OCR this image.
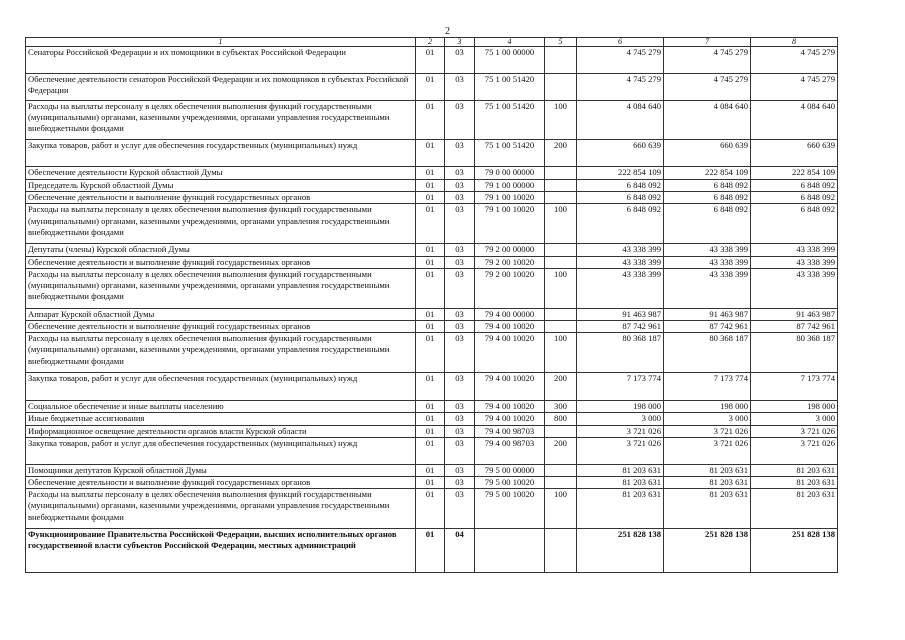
2
1	2	3	4	5	6	7	8
Сенаторы Российской Федерации и их помощники в субъектах Российской Федерации	01	03	75 1 00 00000		4 745 279	4 745 279	4 745 279
Обеспечение деятельности сенаторов Российской Федерации и их помощников в субъектах Российской Федерации	01	03	75 1 00 51420		4 745 279	4 745 279	4 745 279
Расходы на выплаты персоналу в целях обеспечения выполнения функций государственными (муниципальными) органами, казенными учреждениями, органами управления государственными внебюджетными фондами	01	03	75 1 00 51420	100	4 084 640	4 084 640	4 084 640
Закупка товаров, работ и услуг для обеспечения государственных (муниципальных) нужд	01	03	75 1 00 51420	200	660 639	660 639	660 639
Обеспечение деятельности Курской областной Думы	01	03	79 0 00 00000		222 854 109	222 854 109	222 854 109
Председатель Курской областной Думы	01	03	79 1 00 00000		6 848 092	6 848 092	6 848 092
Обеспечение деятельности и выполнение функций государственных органов	01	03	79 1 00 10020		6 848 092	6 848 092	6 848 092
Расходы на выплаты персоналу в целях обеспечения выполнения функций государственными (муниципальными) органами, казенными учреждениями, органами управления государственными внебюджетными фондами	01	03	79 1 00 10020	100	6 848 092	6 848 092	6 848 092
Депутаты (члены) Курской областной Думы	01	03	79 2 00 00000		43 338 399	43 338 399	43 338 399
Обеспечение деятельности и выполнение функций государственных органов	01	03	79 2 00 10020		43 338 399	43 338 399	43 338 399
Расходы на выплаты персоналу в целях обеспечения выполнения функций государственными (муниципальными) органами, казенными учреждениями, органами управления государственными внебюджетными фондами	01	03	79 2 00 10020	100	43 338 399	43 338 399	43 338 399
Аппарат Курской областной Думы	01	03	79 4 00 00000		91 463 987	91 463 987	91 463 987
Обеспечение деятельности и выполнение функций государственных органов	01	03	79 4 00 10020		87 742 961	87 742 961	87 742 961
Расходы на выплаты персоналу в целях обеспечения выполнения функций государственными (муниципальными) органами, казенными учреждениями, органами управления государственными внебюджетными фондами	01	03	79 4 00 10020	100	80 368 187	80 368 187	80 368 187
Закупка товаров, работ и услуг для обеспечения государственных (муниципальных) нужд	01	03	79 4 00 10020	200	7 173 774	7 173 774	7 173 774
Социальное обеспечение и иные выплаты населению	01	03	79 4 00 10020	300	198 000	198 000	198 000
Иные бюджетные ассигнования	01	03	79 4 00 10020	800	3 000	3 000	3 000
Информационное освещение деятельности органов власти Курской области	01	03	79 4 00 98703		3 721 026	3 721 026	3 721 026
Закупка товаров, работ и услуг для обеспечения государственных (муниципальных) нужд	01	03	79 4 00 98703	200	3 721 026	3 721 026	3 721 026
Помощники депутатов Курской областной Думы	01	03	79 5 00 00000		81 203 631	81 203 631	81 203 631
Обеспечение деятельности и выполнение функций государственных органов	01	03	79 5 00 10020		81 203 631	81 203 631	81 203 631
Расходы на выплаты персоналу в целях обеспечения выполнения функций государственными (муниципальными) органами, казенными учреждениями, органами управления государственными внебюджетными фондами	01	03	79 5 00 10020	100	81 203 631	81 203 631	81 203 631
Функционирование Правительства Российской Федерации, высших исполнительных органов государственной власти субъектов Российской Федерации, местных администраций	01	04			251 828 138	251 828 138	251 828 138
